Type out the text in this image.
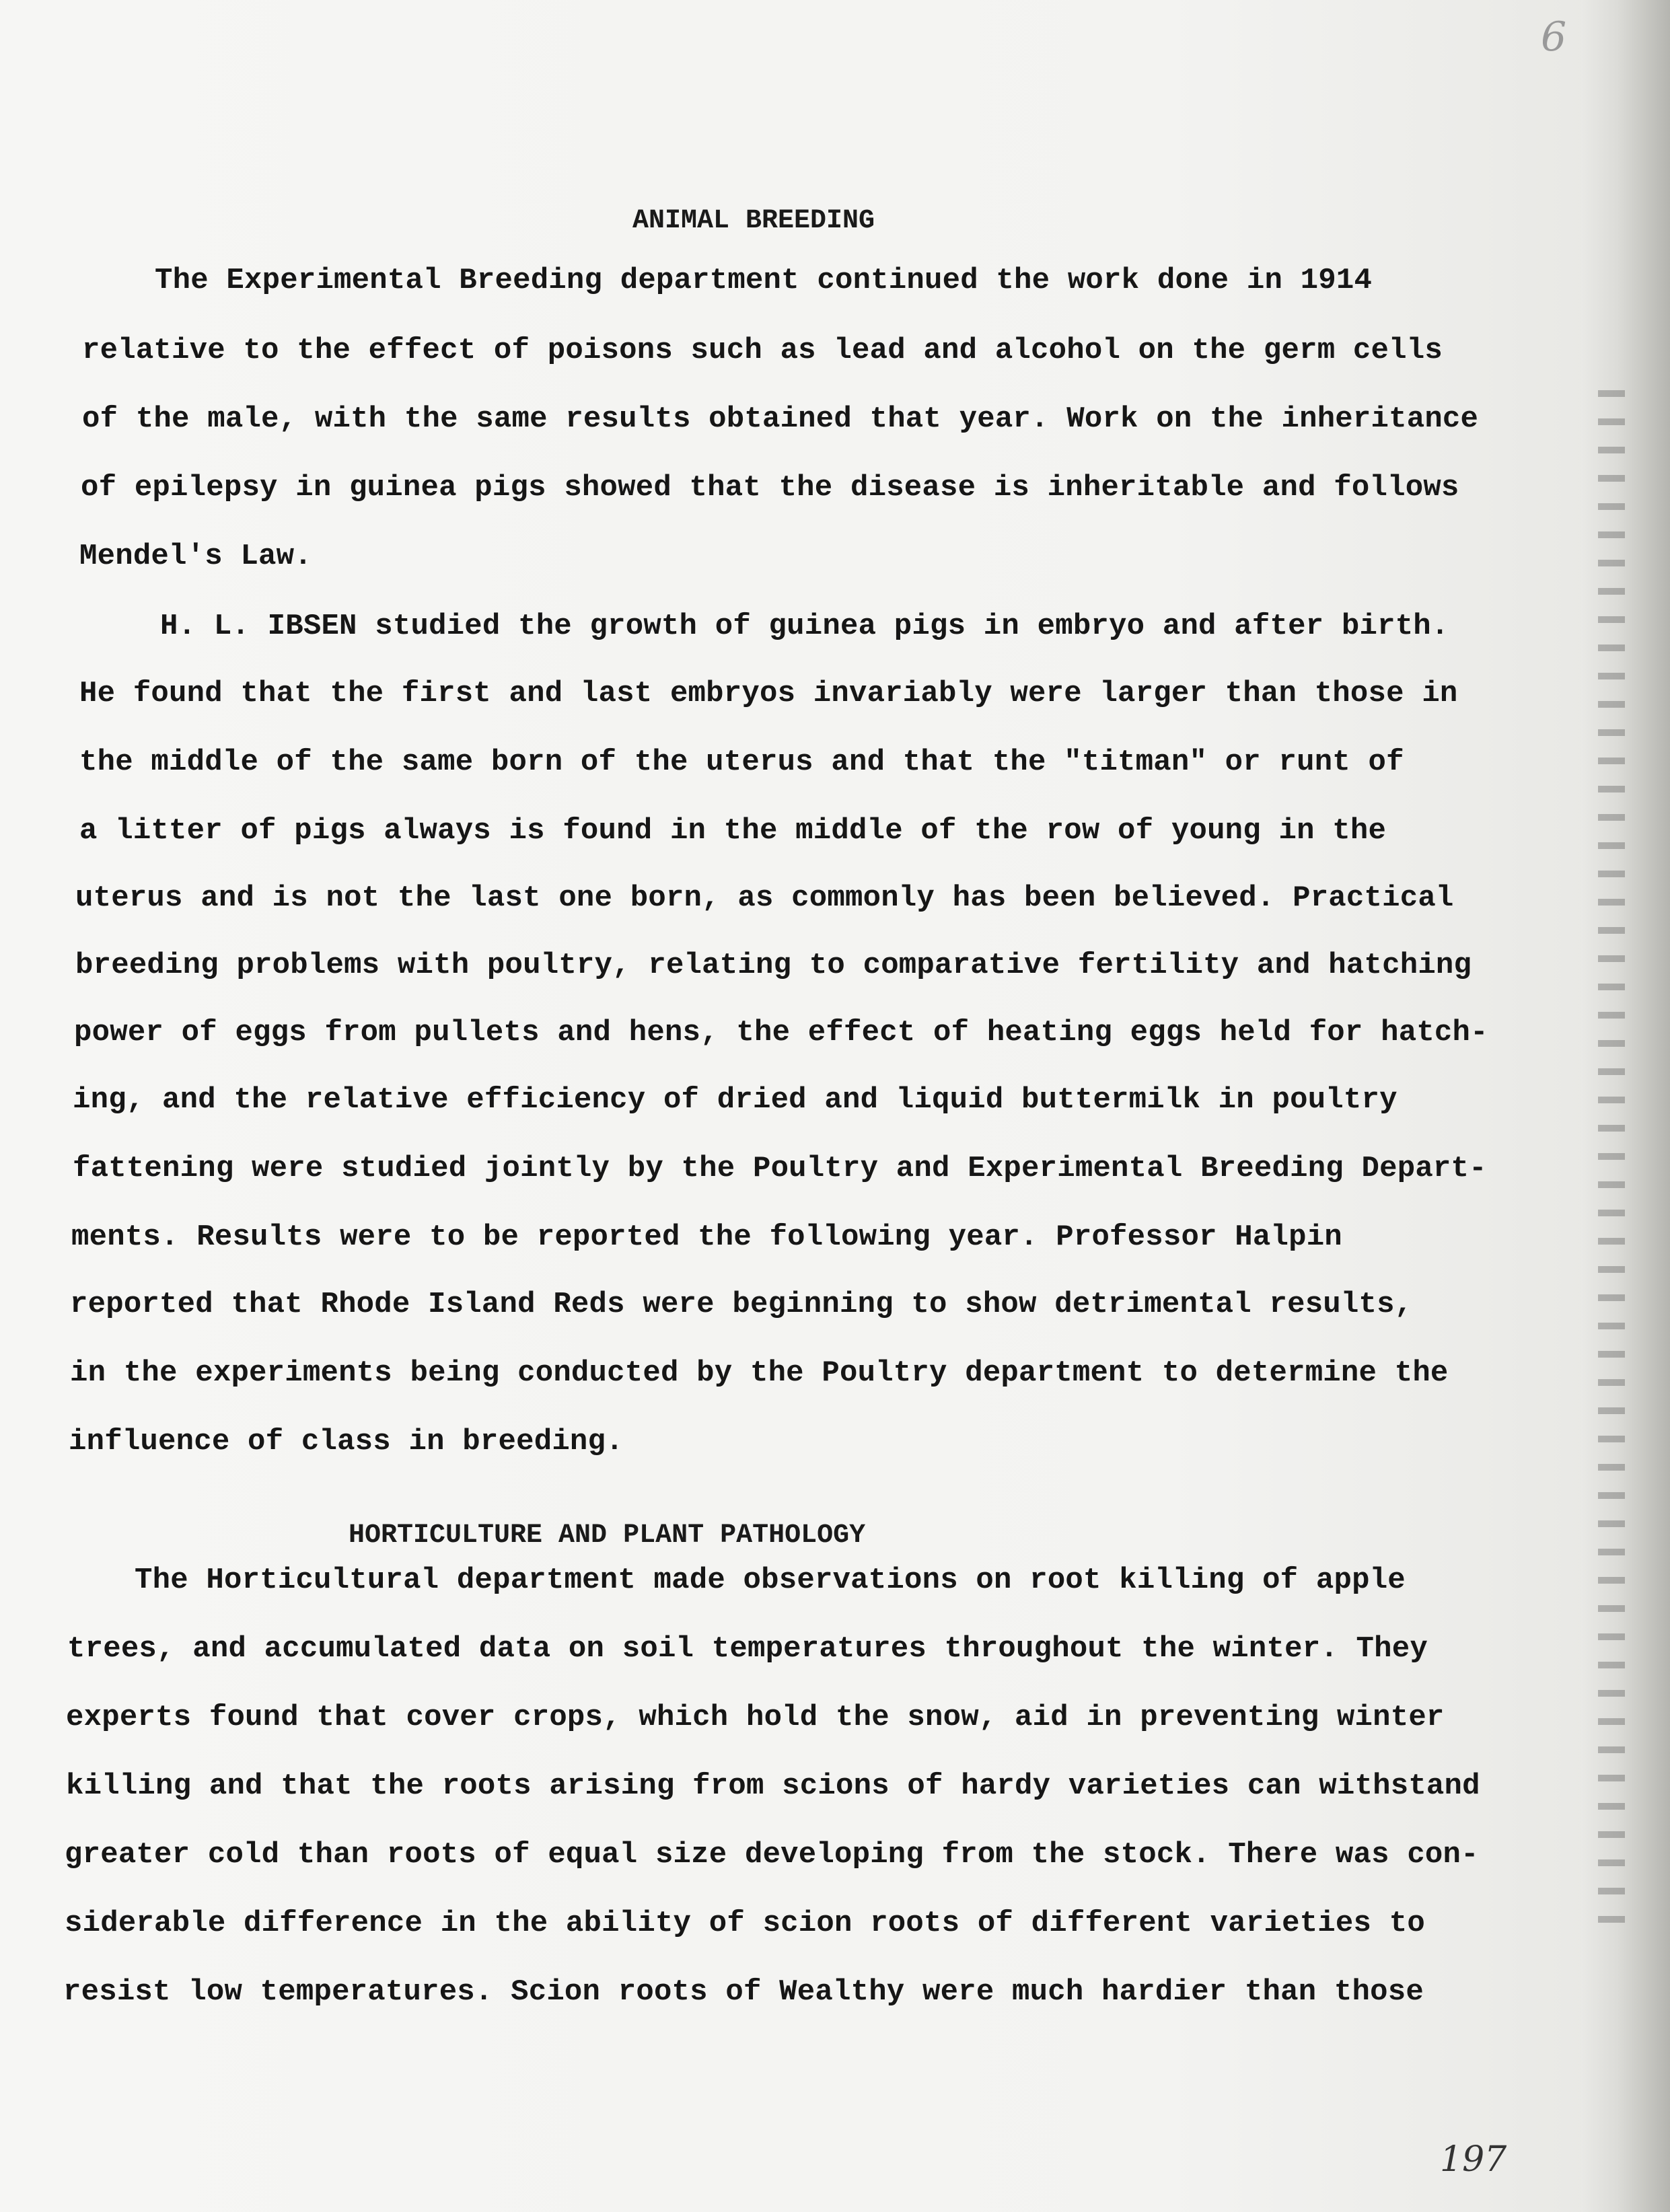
6
ANIMAL BREEDING
The Experimental Breeding department continued the work done in 1914
relative to the effect of poisons such as lead and alcohol on the germ cells
of the male, with the same results obtained that year. Work on the inheritance
of epilepsy in guinea pigs showed that the disease is inheritable and follows
Mendel's Law.
H. L. IBSEN studied the growth of guinea pigs in embryo and after birth.
He found that the first and last embryos invariably were larger than those in
the middle of the same born of the uterus and that the "titman" or runt of
a litter of pigs always is found in the middle of the row of young in the
uterus and is not the last one born, as commonly has been believed. Practical
breeding problems with poultry, relating to comparative fertility and hatching
power of eggs from pullets and hens, the effect of heating eggs held for hatch-
ing, and the relative efficiency of dried and liquid buttermilk in poultry
fattening were studied jointly by the Poultry and Experimental Breeding Depart-
ments. Results were to be reported the following year. Professor Halpin
reported that Rhode Island Reds were beginning to show detrimental results,
in the experiments being conducted by the Poultry department to determine the
influence of class in breeding.
HORTICULTURE AND PLANT PATHOLOGY
The Horticultural department made observations on root killing of apple
trees, and accumulated data on soil temperatures throughout the winter. They
experts found that cover crops, which hold the snow, aid in preventing winter
killing and that the roots arising from scions of hardy varieties can withstand
greater cold than roots of equal size developing from the stock. There was con-
siderable difference in the ability of scion roots of different varieties to
resist low temperatures. Scion roots of Wealthy were much hardier than those
197
